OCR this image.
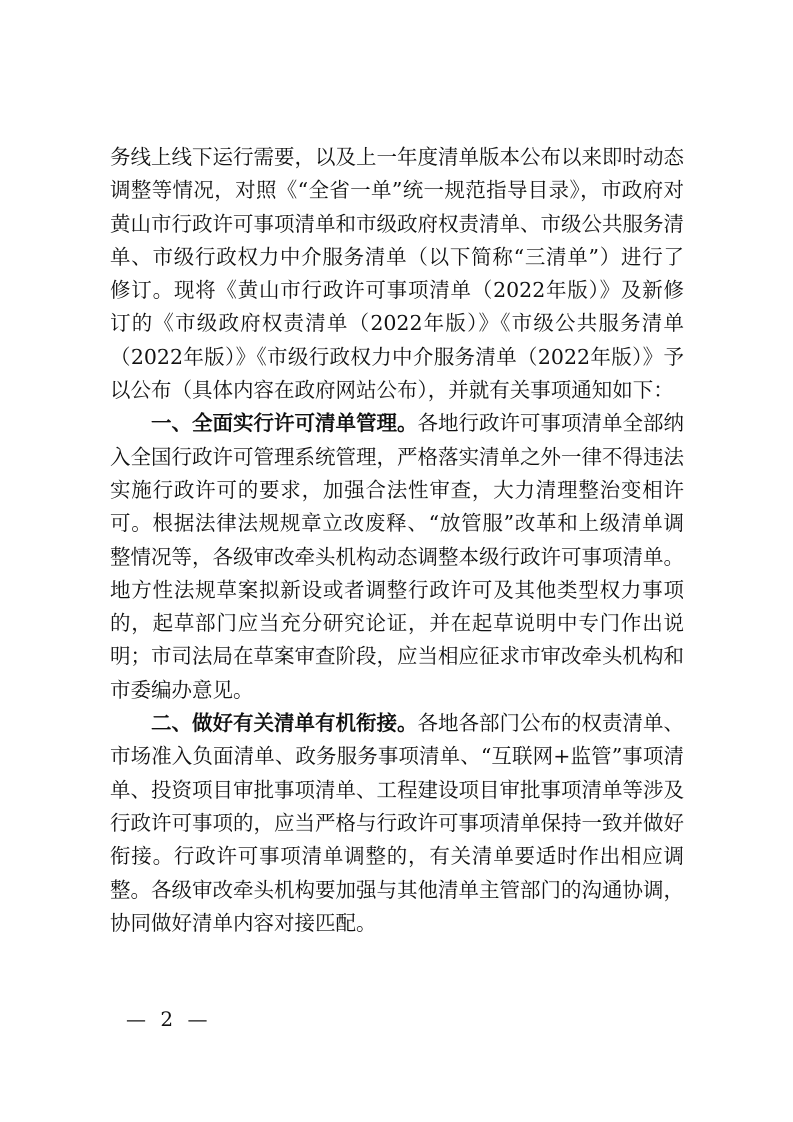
务线上线下运行需要，以及上一年度清单版本公布以来即时动态调整等情况，对照《“全省一单”统一规范指导目录》，市政府对黄山市行政许可事项清单和市级政府权责清单、市级公共服务清单、市级行政权力中介服务清单（以下简称“三清单”）进行了修订。现将《黄山市行政许可事项清单（2022年版）》及新修订的《市级政府权责清单（2022年版）》《市级公共服务清单（2022年版）》《市级行政权力中介服务清单（2022年版）》予以公布（具体内容在政府网站公布），并就有关事项通知如下：

一、全面实行许可清单管理。各地行政许可事项清单全部纳入全国行政许可管理系统管理，严格落实清单之外一律不得违法实施行政许可的要求，加强合法性审查，大力清理整治变相许可。根据法律法规规章立改废释、“放管服”改革和上级清单调整情况等，各级审改牵头机构动态调整本级行政许可事项清单。地方性法规草案拟新设或者调整行政许可及其他类型权力事项的，起草部门应当充分研究论证，并在起草说明中专门作出说明；市司法局在草案审查阶段，应当相应征求市审改牵头机构和市委编办意见。

二、做好有关清单有机衔接。各地各部门公布的权责清单、市场准入负面清单、政务服务事项清单、“互联网+监管”事项清单、投资项目审批事项清单、工程建设项目审批事项清单等涉及行政许可事项的，应当严格与行政许可事项清单保持一致并做好衔接。行政许可事项清单调整的，有关清单要适时作出相应调整。各级审改牵头机构要加强与其他清单主管部门的沟通协调，协同做好清单内容对接匹配。

— 2 —
